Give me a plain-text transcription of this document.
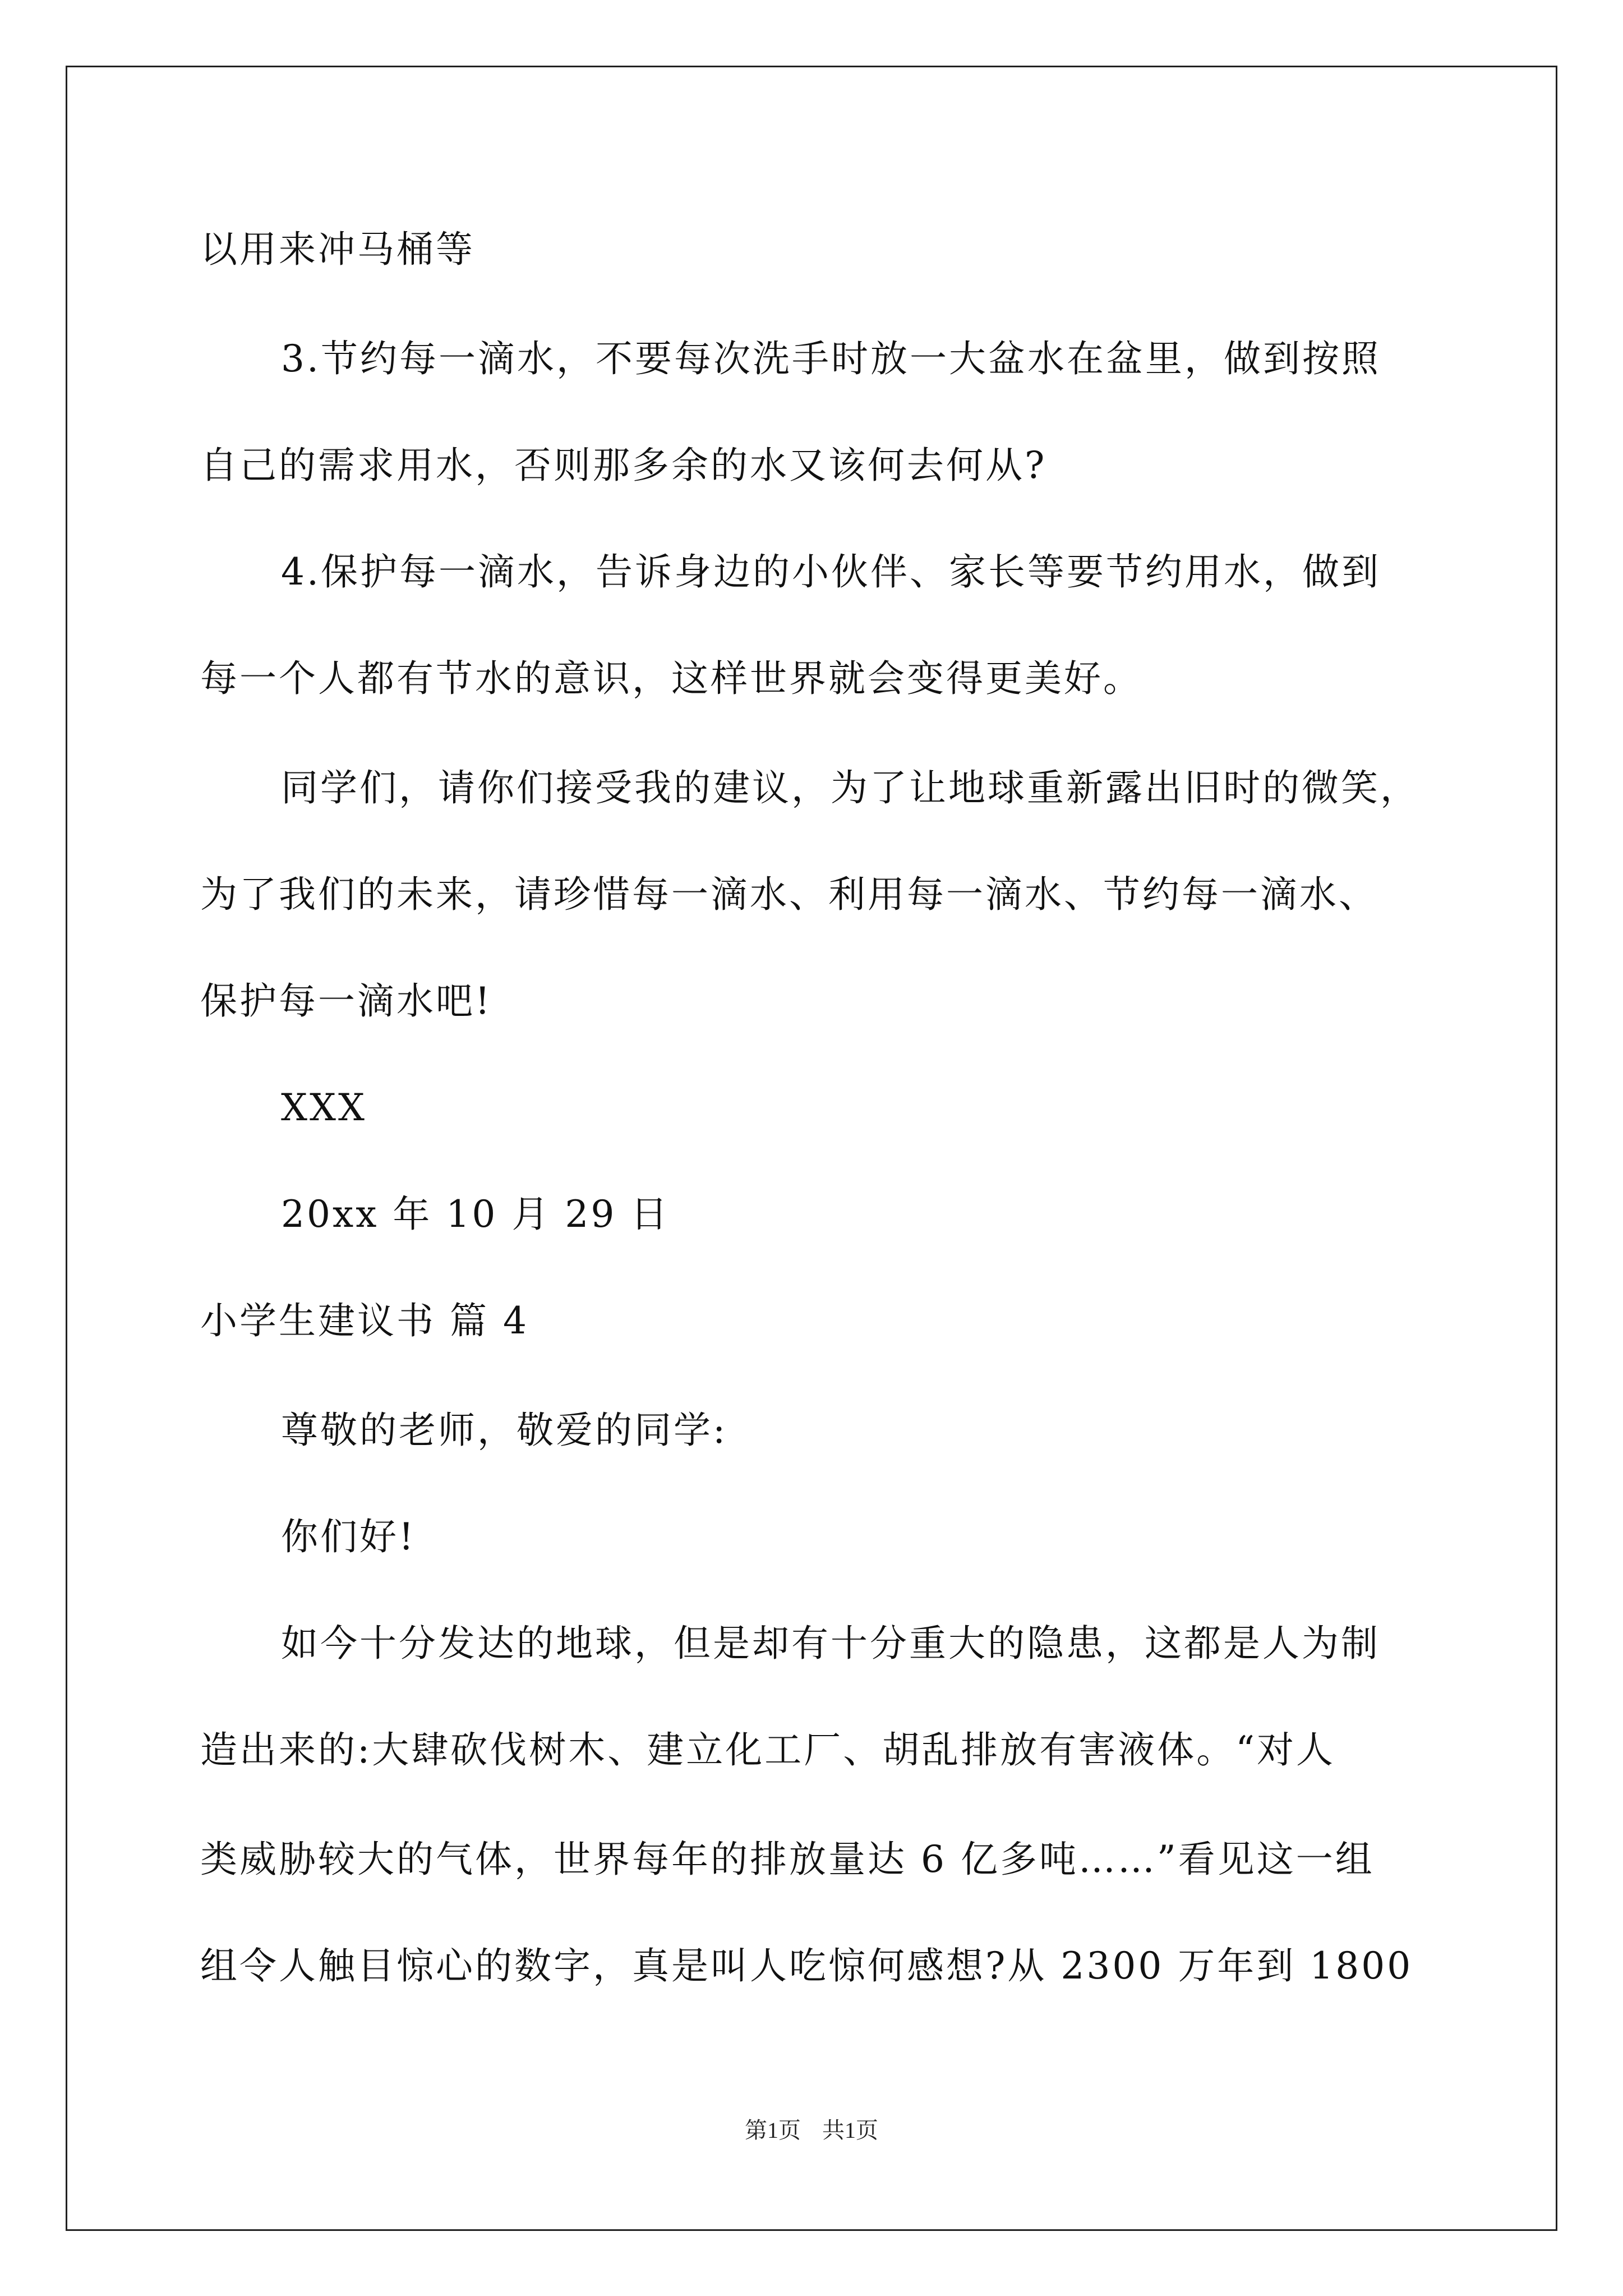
以用来冲马桶等
3.节约每一滴水，不要每次洗手时放一大盆水在盆里，做到按照
自己的需求用水，否则那多余的水又该何去何从?
4.保护每一滴水，告诉身边的小伙伴、家长等要节约用水，做到
每一个人都有节水的意识，这样世界就会变得更美好。
同学们，请你们接受我的建议，为了让地球重新露出旧时的微笑，
为了我们的未来，请珍惜每一滴水、利用每一滴水、节约每一滴水、
保护每一滴水吧!
XXX
20xx 年 10 月 29 日
小学生建议书 篇 4
尊敬的老师，敬爱的同学:
你们好!
如今十分发达的地球，但是却有十分重大的隐患，这都是人为制
造出来的:大肆砍伐树木、建立化工厂、胡乱排放有害液体。“对人
类威胁较大的气体，世界每年的排放量达 6 亿多吨……”看见这一组
组令人触目惊心的数字，真是叫人吃惊何感想?从 2300 万年到 1800
第1页 共1页
